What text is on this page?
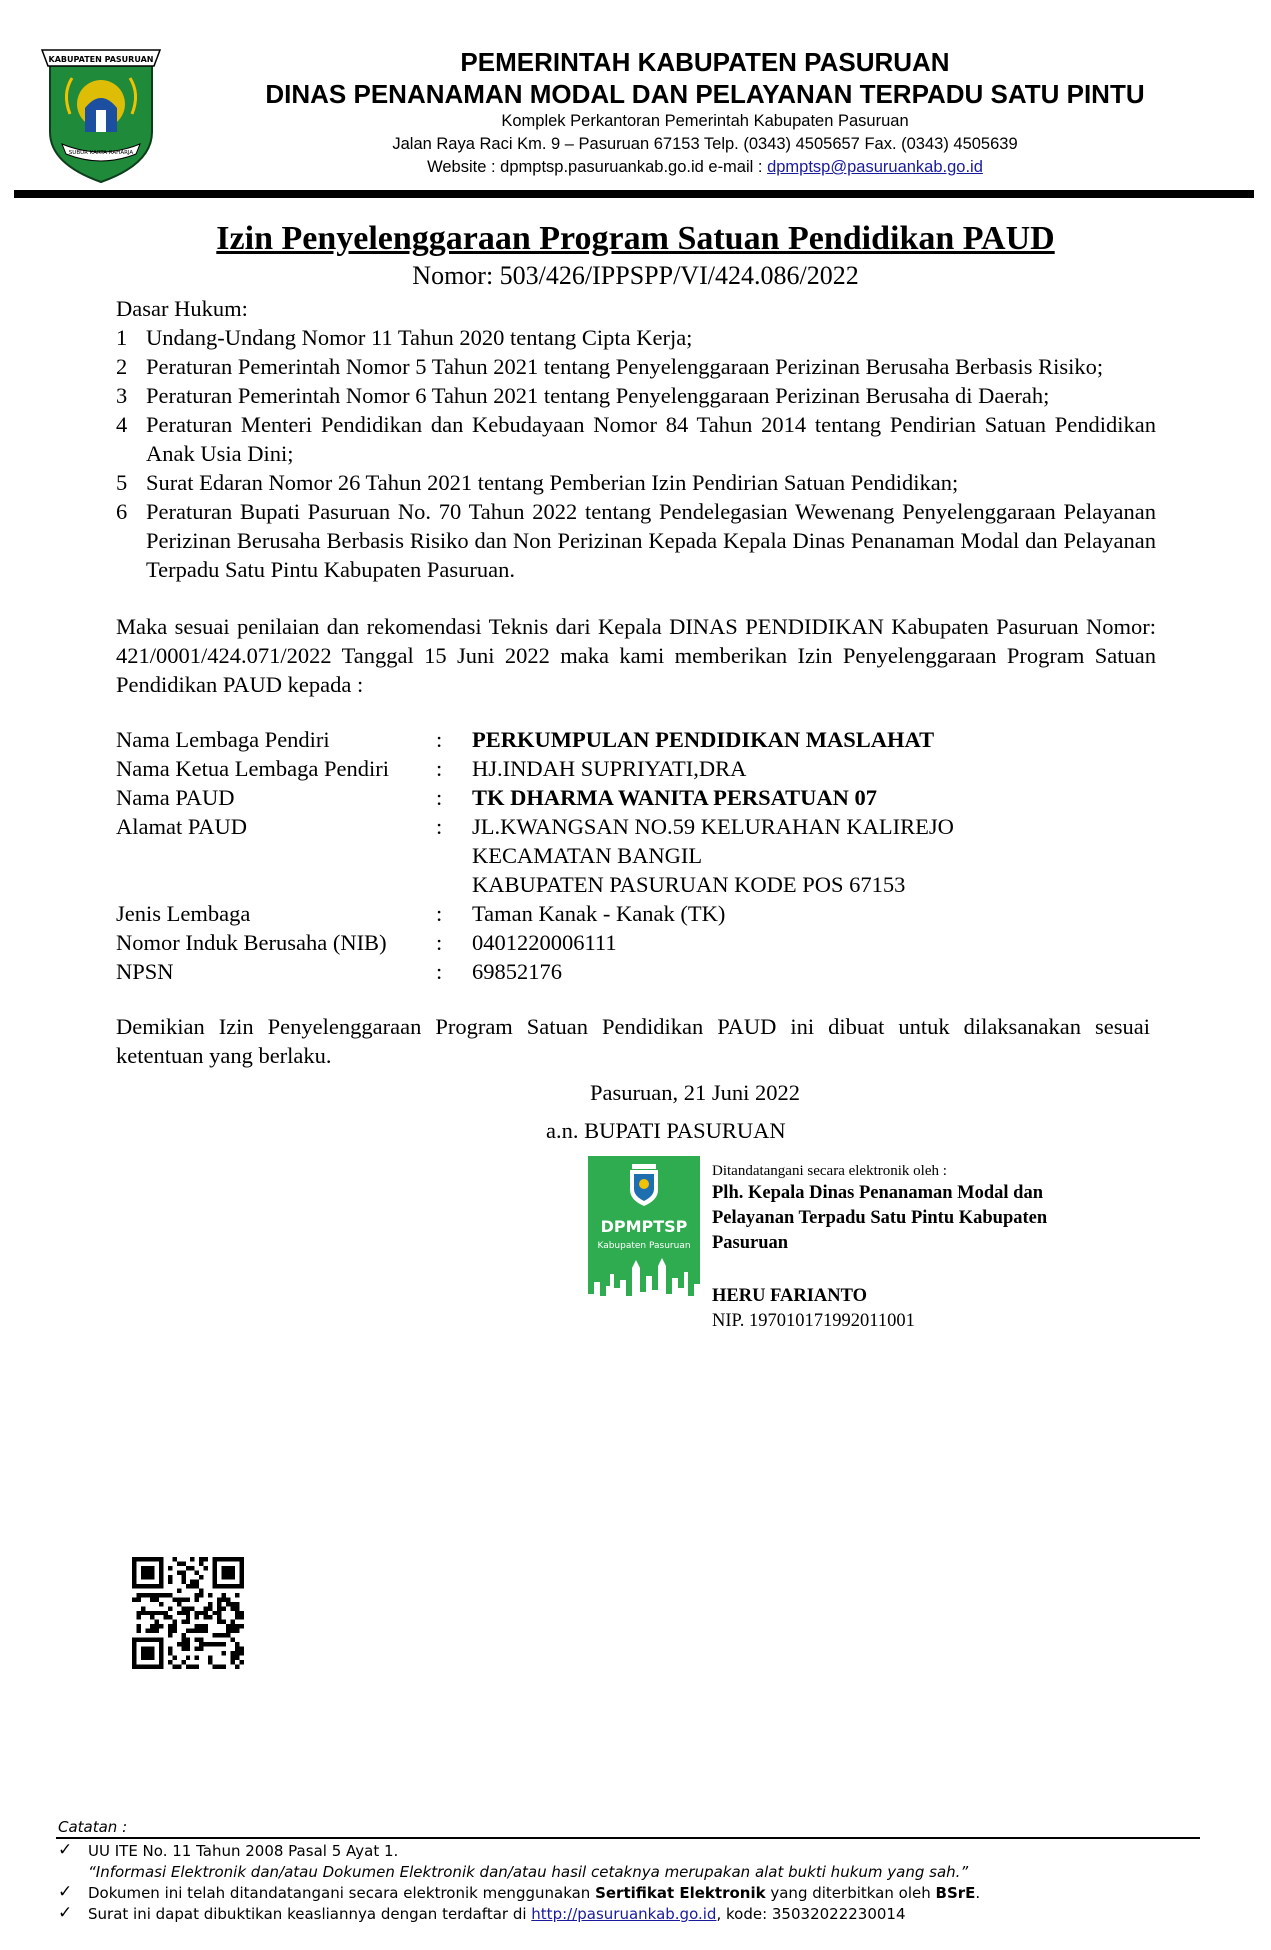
KABUPATEN PASURUAN
SUBUR KARTA RAHARJA
PEMERINTAH KABUPATEN PASURUAN
DINAS PENANAMAN MODAL DAN PELAYANAN TERPADU SATU PINTU
Komplek Perkantoran Pemerintah Kabupaten Pasuruan
Jalan Raya Raci Km. 9 – Pasuruan 67153 Telp. (0343) 4505657 Fax. (0343) 4505639
Website : dpmptsp.pasuruankab.go.id e-mail : dpmptsp@pasuruankab.go.id
Izin Penyelenggaraan Program Satuan Pendidikan PAUD
Nomor: 503/426/IPPSPP/VI/424.086/2022
Dasar Hukum:
1 Undang-Undang Nomor 11 Tahun 2020 tentang Cipta Kerja;
2 Peraturan Pemerintah Nomor 5 Tahun 2021 tentang Penyelenggaraan Perizinan Berusaha Berbasis Risiko;
3 Peraturan Pemerintah Nomor 6 Tahun 2021 tentang Penyelenggaraan Perizinan Berusaha di Daerah;
4 Peraturan Menteri Pendidikan dan Kebudayaan Nomor 84 Tahun 2014 tentang Pendirian Satuan Pendidikan Anak Usia Dini;
5 Surat Edaran Nomor 26 Tahun 2021 tentang Pemberian Izin Pendirian Satuan Pendidikan;
6 Peraturan Bupati Pasuruan No. 70 Tahun 2022 tentang Pendelegasian Wewenang Penyelenggaraan Pelayanan Perizinan Berusaha Berbasis Risiko dan Non Perizinan Kepada Kepala Dinas Penanaman Modal dan Pelayanan Terpadu Satu Pintu Kabupaten Pasuruan.

Maka sesuai penilaian dan rekomendasi Teknis dari Kepala DINAS PENDIDIKAN Kabupaten Pasuruan Nomor: 421/0001/424.071/2022 Tanggal 15 Juni 2022 maka kami memberikan Izin Penyelenggaraan Program Satuan Pendidikan PAUD kepada :

Nama Lembaga Pendiri	:	PERKUMPULAN PENDIDIKAN MASLAHAT
Nama Ketua Lembaga Pendiri	:	HJ.INDAH SUPRIYATI,DRA
Nama PAUD	:	TK DHARMA WANITA PERSATUAN 07
Alamat PAUD	:	JL.KWANGSAN NO.59 KELURAHAN KALIREJO
KECAMATAN BANGIL
KABUPATEN PASURUAN KODE POS 67153

Jenis Lembaga	:	Taman Kanak - Kanak (TK)
Nomor Induk Berusaha (NIB)	:	0401220006111
NPSN	:	69852176

Demikian Izin Penyelenggaraan Program Satuan Pendidikan PAUD ini dibuat untuk dilaksanakan sesuai ketentuan yang berlaku.

Pasuruan, 21 Juni 2022
a.n. BUPATI PASURUAN
DPMPTSP
Kabupaten Pasuruan
Ditandatangani secara elektronik oleh :
Plh. Kepala Dinas Penanaman Modal dan
Pelayanan Terpadu Satu Pintu Kabupaten
Pasuruan
HERU FARIANTO
NIP. 197010171992011001
Catatan :
✓	UU ITE No. 11 Tahun 2008 Pasal 5 Ayat 1.
“Informasi Elektronik dan/atau Dokumen Elektronik dan/atau hasil cetaknya merupakan alat bukti hukum yang sah.”
✓	Dokumen ini telah ditandatangani secara elektronik menggunakan Sertifikat Elektronik yang diterbitkan oleh BSrE.
✓	Surat ini dapat dibuktikan keasliannya dengan terdaftar di http://pasuruankab.go.id, kode: 35032022230014
